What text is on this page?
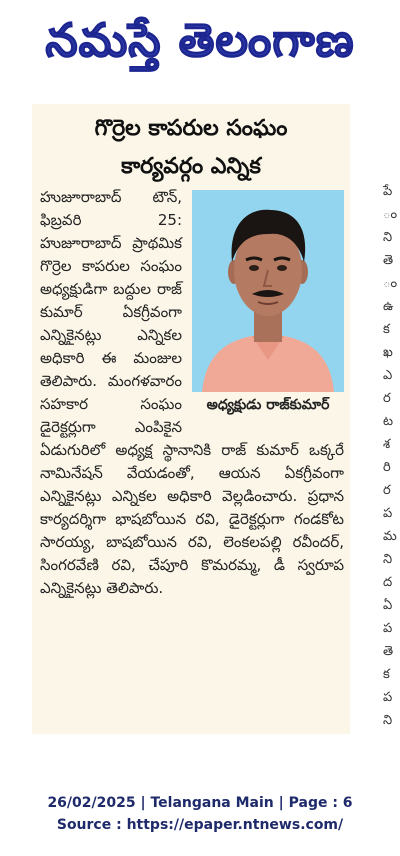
నమస్తే తెలంగాణ
గొర్రెల కాపరుల సంఘం
కార్యవర్గం ఎన్నిక
అధ్యక్షుడు రాజ్‌కుమార్

హుజూరాబాద్ టౌన్, ఫిబ్రవరి 25: హుజూరాబాద్ ప్రాథమిక గొర్రెల కాపరుల సంఘం అధ్యక్షుడిగా బద్దుల రాజ్ కుమార్ ఏకగ్రీవంగా ఎన్నికైనట్లు ఎన్నికల అధికారి ఈ మంజుల తెలిపారు. మంగళవారం సహకార సంఘం డైరెక్టర్లుగా ఎంపికైన ఏడుగురిలో అధ్యక్ష స్థానానికి రాజ్ కుమార్ ఒక్కరే నామినేషన్ వేయడంతో, ఆయన ఏకగ్రీవంగా ఎన్నికైనట్లు ఎన్నికల అధికారి వెల్లడించారు. ప్రధాన కార్యదర్శిగా భాషబోయిన రవి, డైరెక్టర్లుగా గండకోట సారయ్య, బాషబోయిన రవి, లెంకలపల్లి రవీందర్, సింగరవేణి రవి, చేపూరి కొమరమ్మ, డీ స్వరూప ఎన్నికైనట్లు తెలిపారు.

పే
ం
ని
తె
ం
ఉ
క
ఖ
ఎ
ర
ట
శ
రి
ర
ప
మ
ని
ద
ఏ
ప
తె
క
ప
ని
26/02/2025 | Telangana Main | Page : 6
Source : https://epaper.ntnews.com/
